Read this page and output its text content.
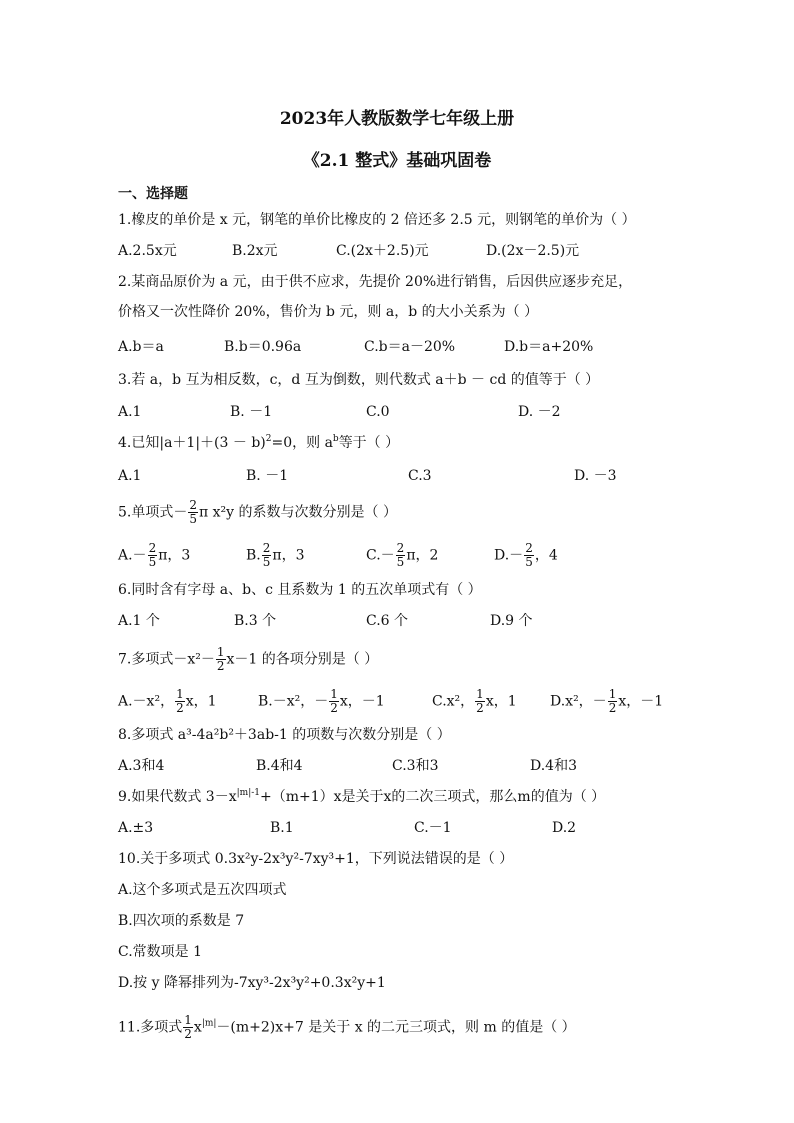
2023年人教版数学七年级上册
《2.1 整式》基础巩固卷
一、选择题
1.橡皮的单价是 x 元，钢笔的单价比橡皮的 2 倍还多 2.5 元，则钢笔的单价为（ ）
A.2.5x元	B.2x元	C.(2x＋2.5)元	D.(2x－2.5)元
2.某商品原价为 a 元，由于供不应求，先提价 20%进行销售，后因供应逐步充足，
价格又一次性降价 20%，售价为 b 元，则 a，b 的大小关系为（ ）
A.b＝a	B.b＝0.96a	C.b＝a－20%	D.b＝a+20%
3.若 a，b 互为相反数，c，d 互为倒数，则代数式 a＋b － cd 的值等于（ ）
A.1	B. －1	C.0	D. －2
4.已知$|a+1|+(3 - b)^2=0$，则 $a^b$等于（ ）
A.1	B. －1	C.3	D. －3
5.单项式－ $\frac{2}{5}$ π x²y 的系数与次数分别是（ ）
$A.- \frac{2}{5}$ π，3	B. $\frac{2}{5}$ π，3	$C.- \frac{2}{5}$ π，2	$D.- \frac{2}{5}$ ，4
6.同时含有字母 a、b、c 且系数为 1 的五次单项式有（ ）
A.1 个	B.3 个	C.6 个	D.9 个
7.多项式$-x^2- \frac{1}{2} x-1$ 的各项分别是（ ）
A.－x²， $\frac{1}{2}$ x，1	B.－x²，－ $\frac{1}{2}$ x，－1	C.x²， $\frac{1}{2}$ x，1 D.x²，－ $\frac{1}{2}$ x，－1
8.多项式 a³-4a²b²＋3ab-1 的项数与次数分别是（ ）
A.3和4	B.4和4	C.3和3	D.4和3
9.如果代数式 $3-x^{|m|-1}+(m+1)x$是关于x的二次三项式，那么m的值为（ ）
A.±3	B.1	C.－1	D.2
10.关于多项式 0.3x²y-2x³y²-7xy³+1，下列说法错误的是（ ）
A.这个多项式是五次四项式
B.四次项的系数是 7
C.常数项是 1
D.按 y 降幂排列为-7xy³-2x³y²+0.3x²y+1
11.多项式 $\frac{1}{2} x^{|m|}-(m+2)x+7$ 是关于 x 的二元三项式，则 m 的值是（ ）
